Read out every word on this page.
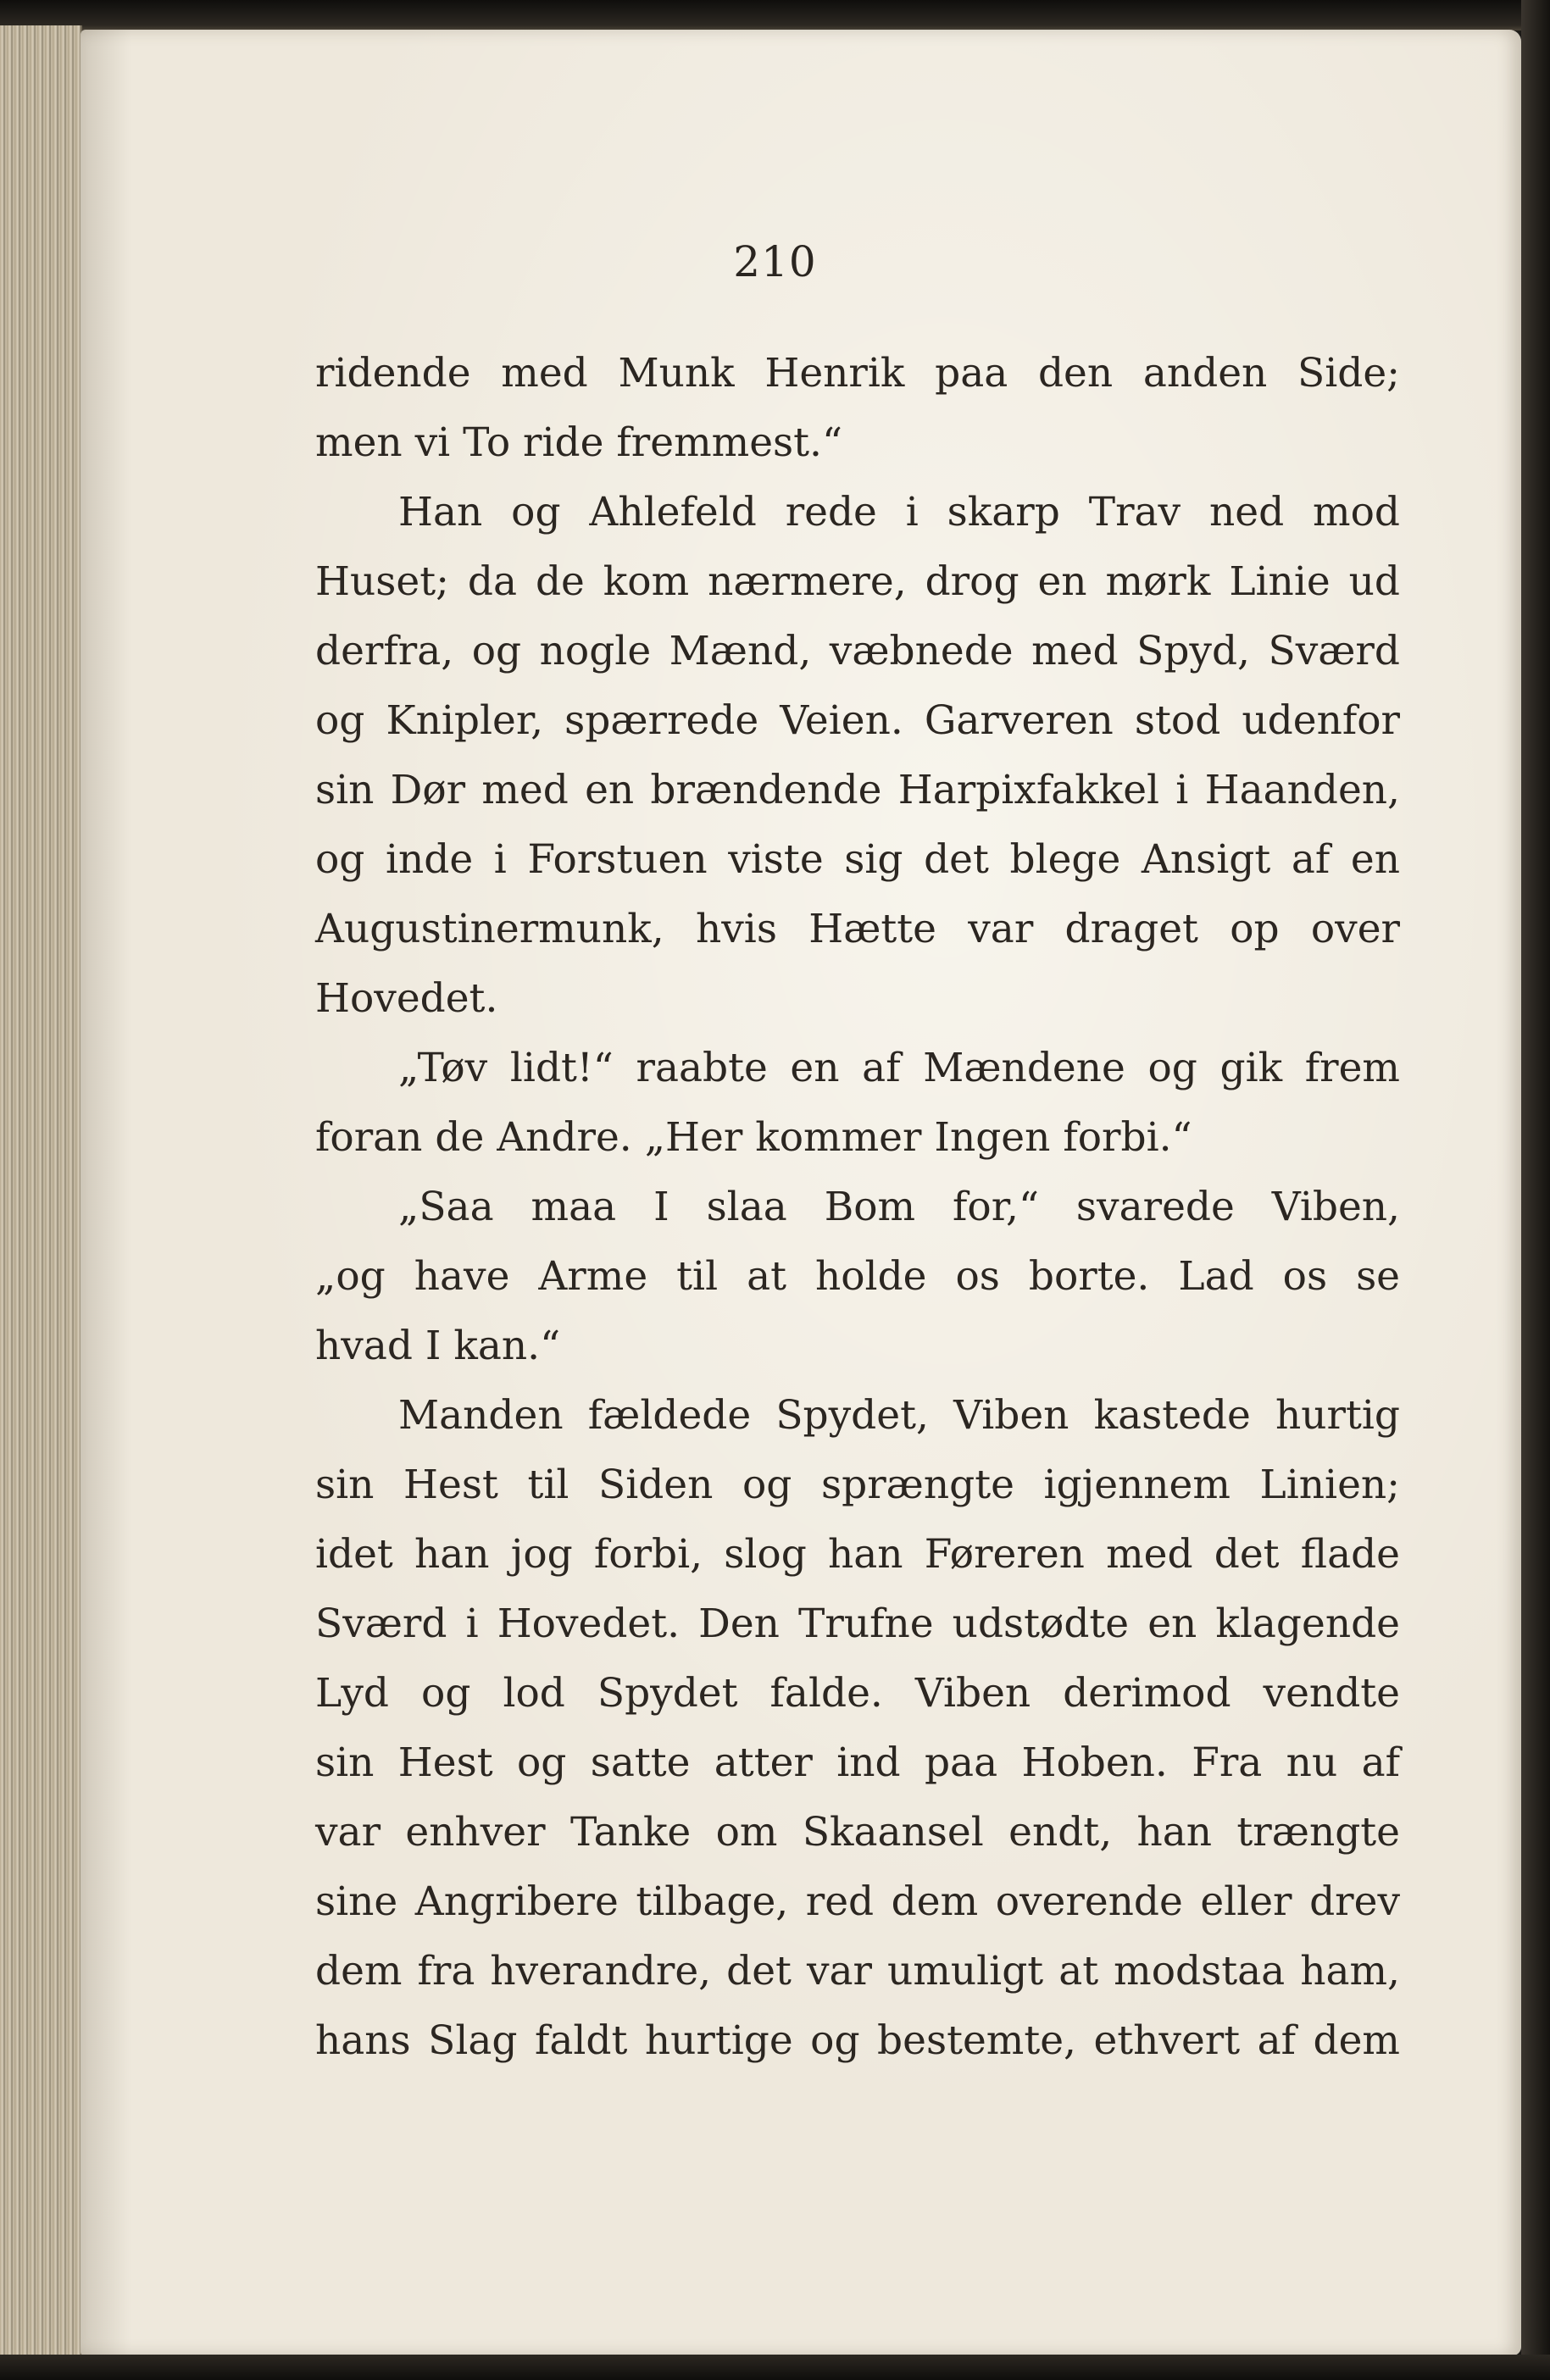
210
ridende med Munk Henrik paa den anden Side;
men vi To ride fremmest.“
Han og Ahlefeld rede i skarp Trav ned mod
Huset; da de kom nærmere, drog en mørk Linie ud
derfra, og nogle Mænd, væbnede med Spyd, Sværd
og Knipler, spærrede Veien. Garveren stod udenfor
sin Dør med en brændende Harpixfakkel i Haanden,
og inde i Forstuen viste sig det blege Ansigt af en
Augustinermunk, hvis Hætte var draget op over
Hovedet.
„Tøv lidt!“ raabte en af Mændene og gik frem
foran de Andre. „Her kommer Ingen forbi.“
„Saa maa I slaa Bom for,“ svarede Viben,
„og have Arme til at holde os borte. Lad os se
hvad I kan.“
Manden fældede Spydet, Viben kastede hurtig
sin Hest til Siden og sprængte igjennem Linien;
idet han jog forbi, slog han Føreren med det flade
Sværd i Hovedet. Den Trufne udstødte en klagende
Lyd og lod Spydet falde. Viben derimod vendte
sin Hest og satte atter ind paa Hoben. Fra nu af
var enhver Tanke om Skaansel endt, han trængte
sine Angribere tilbage, red dem overende eller drev
dem fra hverandre, det var umuligt at modstaa ham,
hans Slag faldt hurtige og bestemte, ethvert af dem
